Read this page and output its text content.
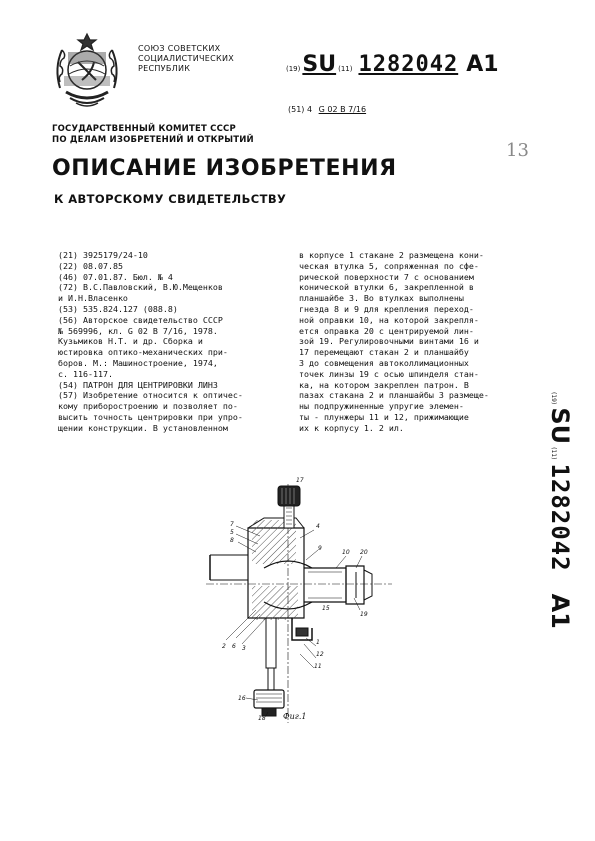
СОЮЗ СОВЕТСКИХ
СОЦИАЛИСТИЧЕСКИХ
РЕСПУБЛИК	(19) SU (11) 1282042 A1
(51) 4 G 02 B 7/16
ГОСУДАРСТВЕННЫЙ КОМИТЕТ СССР
ПО ДЕЛАМ ИЗОБРЕТЕНИЙ И ОТКРЫТИЙ	13
ОПИСАНИЕ ИЗОБРЕТЕНИЯ
К АВТОРСКОМУ СВИДЕТЕЛЬСТВУ
(21) 3925179/24-10
(22) 08.07.85
(46) 07.01.87. Бюл. № 4
(72) В.С.Павловский, В.Ю.Мещенков
и И.Н.Власенко
(53) 535.824.127 (088.8)
(56) Авторское свидетельство СССР
№ 569996, кл. G 02 B 7/16, 1978.
Кузьмиков Н.Т. и др. Сборка и
юстировка оптико-механических при-
боров. М.: Машиностроение, 1974,
с. 116-117.
(54) ПАТРОН ДЛЯ ЦЕНТРИРОВКИ ЛИНЗ
(57) Изобретение относится к оптичес-
кому приборостроению и позволяет по-
высить точность центрировки при упро-
щении конструкции. В установленном
в корпусе 1 стакане 2 размещена кони-
ческая втулка 5, сопряженная по сфе-
рической поверхности 7 с основанием
конической втулки 6, закрепленной в
планшайбе 3. Во втулках выполнены
гнезда 8 и 9 для крепления переход-
ной оправки 10, на которой закрепля-
ется оправка 20 с центрируемой лин-
зой 19. Регулировочными винтами 16 и
17 перемещают стакан 2 и планшайбу
3 до совмещения автоколлимационных
точек линзы 19 с осью шпинделя стан-
ка, на котором закреплен патрон. В
пазах стакана 2 и планшайбы 3 размеще-
ны подпружиненные упругие элемен-
ты - плунжеры 11 и 12, прижимающие
их к корпусу 1. 2 ил.
(19)
SU
(11)
1282042
A1
17
7
5
8
4
9
10 20
19
15
2 6 3
1
12
11
16
18 Фиг.1
